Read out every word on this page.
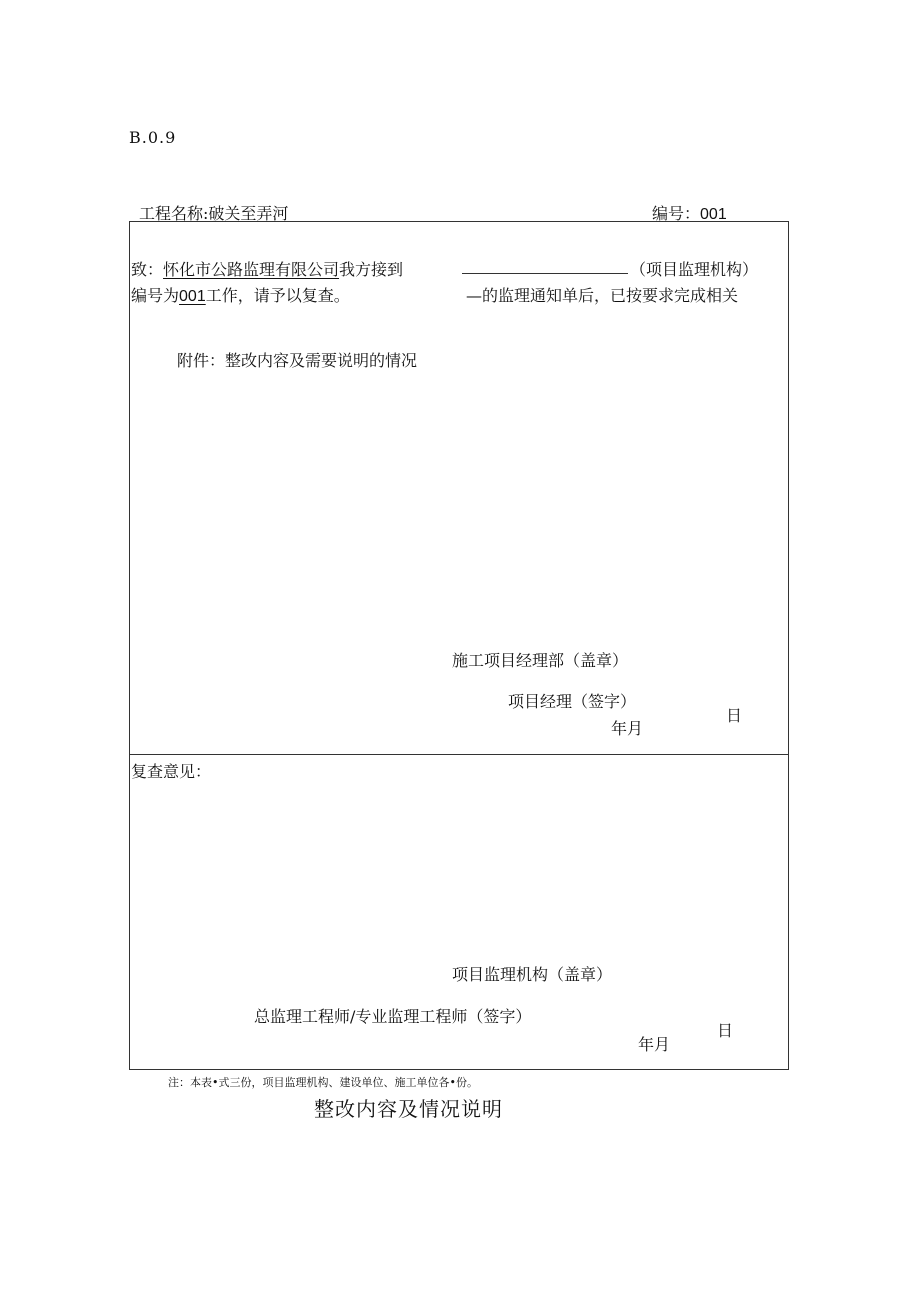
B.0.9
工程名称:破关至弄河	编号：001
致：怀化市公路监理有限公司我方接到	（项目监理机构）
编号为001工作，请予以复查。	—的监理通知单后，已按要求完成相关
附件：整改内容及需要说明的情况
施工项目经理部（盖章）
项目经理（签字）
年月
日
复查意见：
项目监理机构（盖章）
总监理工程师/专业监理工程师（签字）
年月
日
注：本表•式三份，项目监理机构、建设单位、施工单位各•份。
整改内容及情况说明
